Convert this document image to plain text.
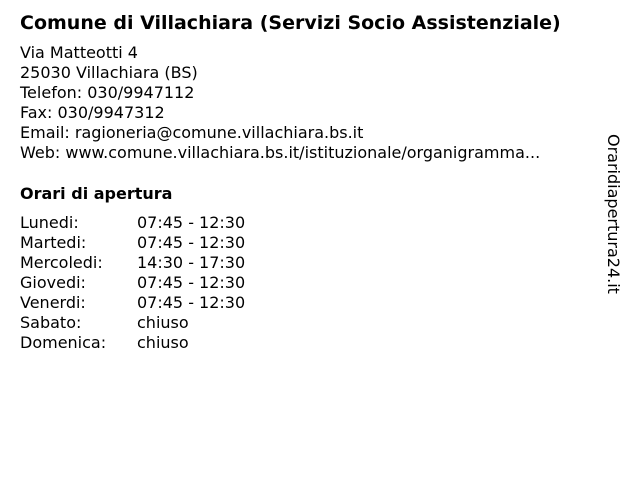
Comune di Villachiara (Servizi Socio Assistenziale)
Via Matteotti 4
25030 Villachiara (BS)
Telefon: 030/9947112
Fax: 030/9947312
Email: ragioneria@comune.villachiara.bs.it
Web: www.comune.villachiara.bs.it/istituzionale/organigramma...
Orari di apertura
Lunedi:	07:45 - 12:30
Martedi:	07:45 - 12:30
Mercoledi: 14:30 - 17:30
Giovedi:	07:45 - 12:30
Venerdi:	07:45 - 12:30
Sabato:	chiuso
Domenica: chiuso
Oraridiapertura24.it
